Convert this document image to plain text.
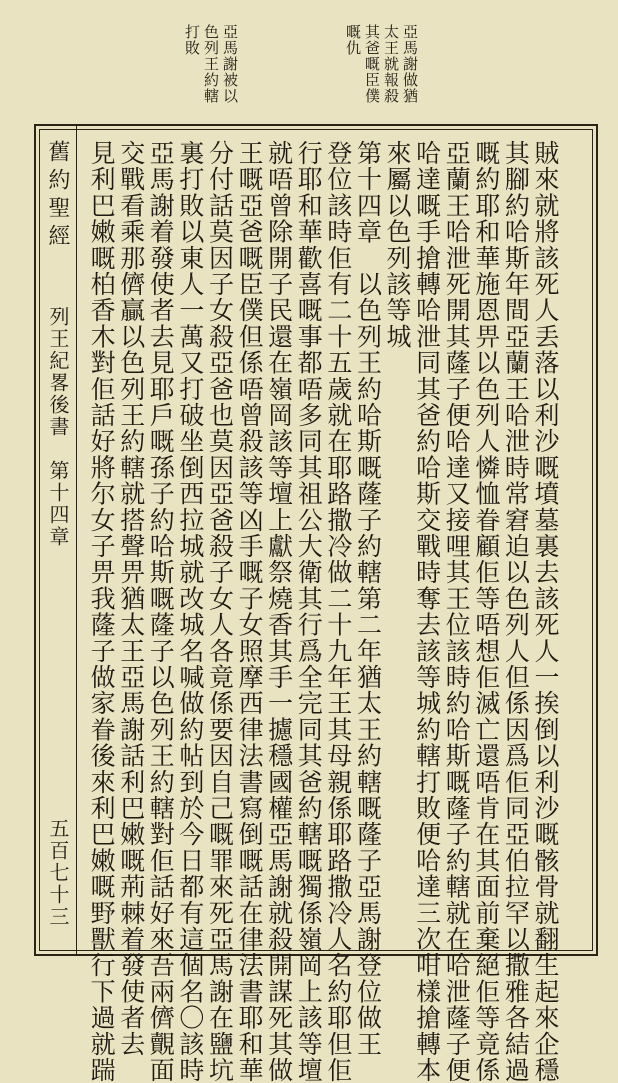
亞馬謝做猶
太王就報殺
其爸嘅臣僕
嘅仇
亞馬謝被以
色列王約轄
打敗
舊約聖經
列王紀畧後書　第十四章
五百七十三	賊來就將該死人丢落以利沙嘅墳墓裏去該死人一挨倒以利沙嘅骸骨就翻生起來企穩
其腳約哈斯年間亞蘭王哈泄時常窘迫以色列人但係因爲佢同亞伯拉罕以撒雅各結過
嘅約耶和華施恩畀以色列人憐恤眷顧佢等唔想佢滅亡還唔肯在其面前棄絕佢等竟係
亞蘭王哈泄死開其蕯子便哈達又接哩其王位該時約哈斯嘅蕯子約轄就在哈泄蕯子便
哈達嘅手搶轉哈泄同其爸約哈斯交戰時奪去該等城約轄打敗便哈達三次咁樣搶轉本
來屬以色列該等城
第十四章　以色列王約哈斯嘅蕯子約轄第二年猶太王約轄嘅蕯子亞馬謝登位做王
登位該時佢有二十五歲就在耶路撒冷做二十九年王其母親係耶路撒冷人名約耶但佢
行耶和華歡喜嘅事都唔多同其祖公大衛其行爲全完同其爸約轄嘅獨係嶺岡上該等壇
就唔曾除開子民還在嶺岡該等壇上獻祭燒香其手一攄穩國權亞馬謝就殺開謀死其做
王嘅亞爸嘅臣僕但係唔曾殺該等凶手嘅子女照摩西律法書寫倒嘅話在律法書耶和華
分付話莫因子女殺亞爸也莫因亞爸殺子女人各竟係要因自己嘅罪來死亞馬謝在鹽坑
裏打敗以東人一萬又打破坐倒西拉城就改城名喊做約帖到於今日都有這個名〇該時
亞馬謝着發使者去見耶戶嘅孫子約哈斯嘅蕯子以色列王約轄對佢話好來吾兩儕覿面
交戰看乘那儕贏以色列王約轄就搭聲畀猶太王亞馬謝話利巴嫩嘅荊棘着發使者去
見利巴嫩嘅柏香木對佢話好將尔女子畀我蕯子做家眷後來利巴嫩嘅野獸行下過就踹
